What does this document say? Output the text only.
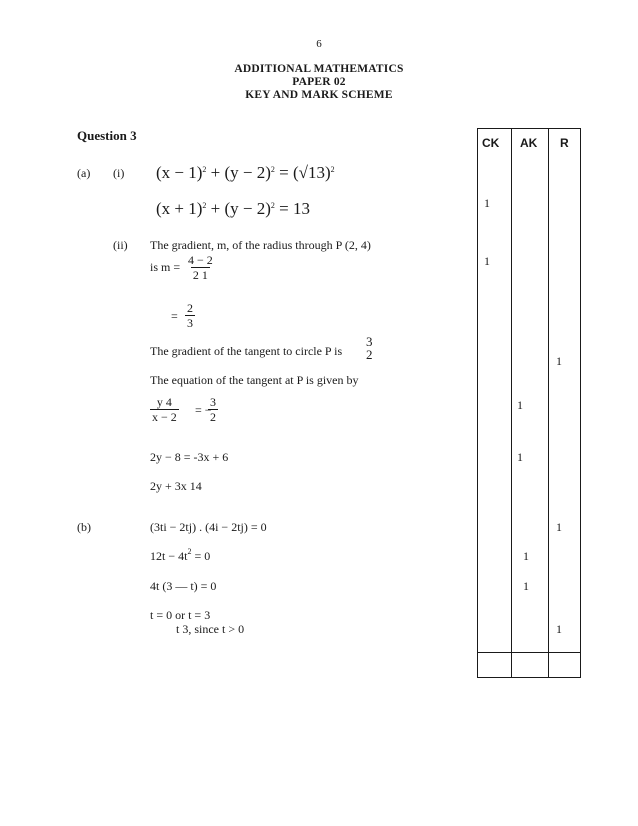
6
ADDITIONAL MATHEMATICS
PAPER 02
KEY AND MARK SCHEME
Question 3
(a) (i) $(x - 1)^2 + (y - 2)^2 = (√13)^2$
$(x + 1)^2 + (y - 2)^2 = 13$
(ii) The gradient, m, of the radius through P (2, 4)
is $m = \frac{4 - 2}{2 1}$
= $\frac{2}{3}$
The gradient of the tangent to circle P is
3
2
The equation of the tangent at P is given by
$\frac{y 4}{x - 2}$ = −
$\frac{3}{2}$
2y − 8 = -3x + 6
2y + 3x 14
(b)	(3ti − 2tj) . (4i − 2tj) = 0
$12t - 4t^2 = 0$
4t (3 — t) = 0
t = 0 or t = 3
t 3, since t > 0
CK AK R
1
1
1
1
1
1
1
1
1
